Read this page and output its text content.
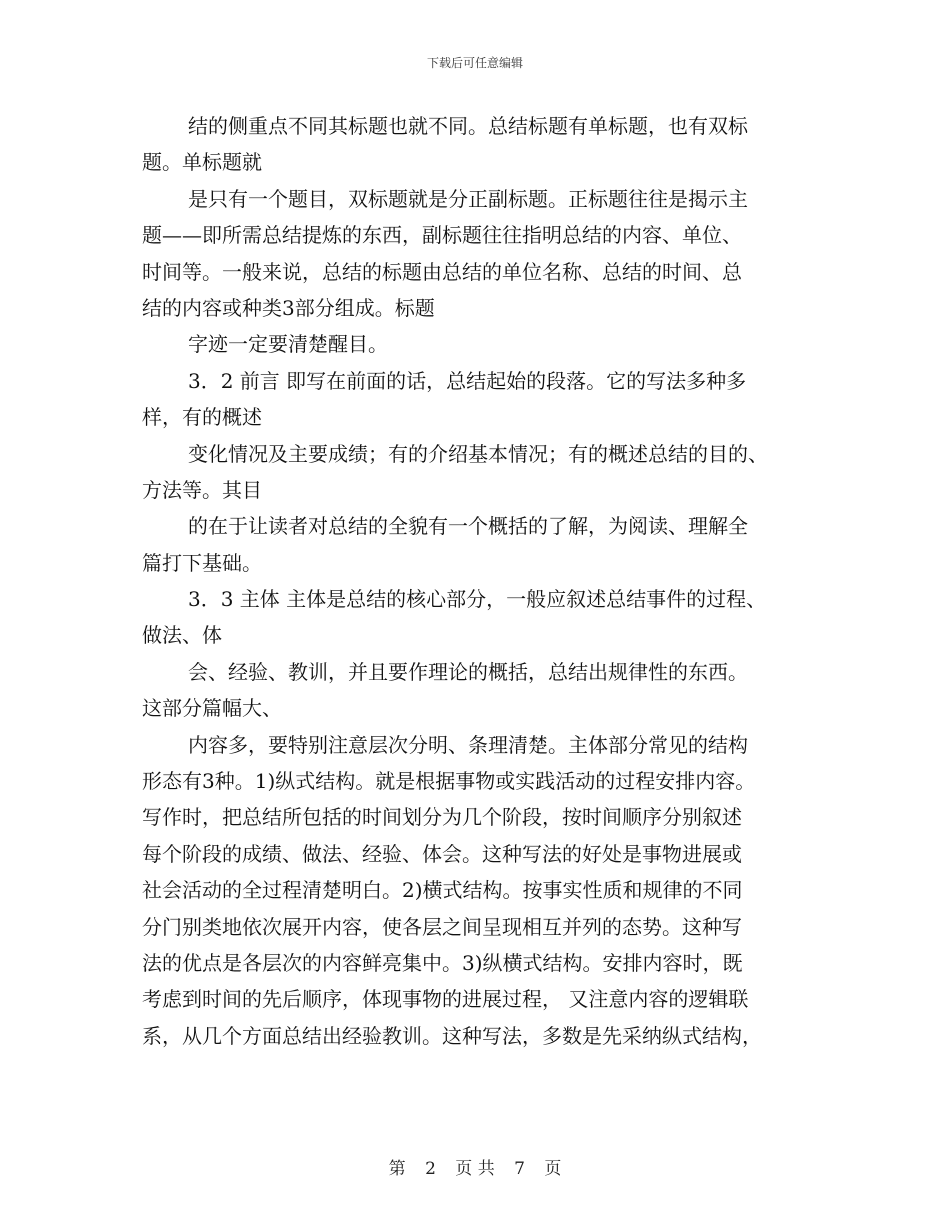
下载后可任意编辑
结的侧重点不同其标题也就不同。总结标题有单标题，也有双标
题。单标题就
是只有一个题目，双标题就是分正副标题。正标题往往是揭示主
题——即所需总结提炼的东西，副标题往往指明总结的内容、单位、
时间等。一般来说，总结的标题由总结的单位名称、总结的时间、总
结的内容或种类3部分组成。标题
字迹一定要清楚醒目。
3．2 前言 即写在前面的话，总结起始的段落。它的写法多种多
样，有的概述
变化情况及主要成绩；有的介绍基本情况；有的概述总结的目的、
方法等。其目
的在于让读者对总结的全貌有一个概括的了解，为阅读、理解全
篇打下基础。
3．3 主体 主体是总结的核心部分，一般应叙述总结事件的过程、
做法、体
会、经验、教训，并且要作理论的概括，总结出规律性的东西。
这部分篇幅大、
内容多，要特别注意层次分明、条理清楚。主体部分常见的结构
形态有3种。1)纵式结构。就是根据事物或实践活动的过程安排内容。
写作时，把总结所包括的时间划分为几个阶段，按时间顺序分别叙述
每个阶段的成绩、做法、经验、体会。这种写法的好处是事物进展或
社会活动的全过程清楚明白。2)横式结构。按事实性质和规律的不同
分门别类地依次展开内容，使各层之间呈现相互并列的态势。这种写
法的优点是各层次的内容鲜亮集中。3)纵横式结构。安排内容时，既
考虑到时间的先后顺序，体现事物的进展过程， 又注意内容的逻辑联
系，从几个方面总结出经验教训。这种写法，多数是先采纳纵式结构，
第 2 页 共 7 页
